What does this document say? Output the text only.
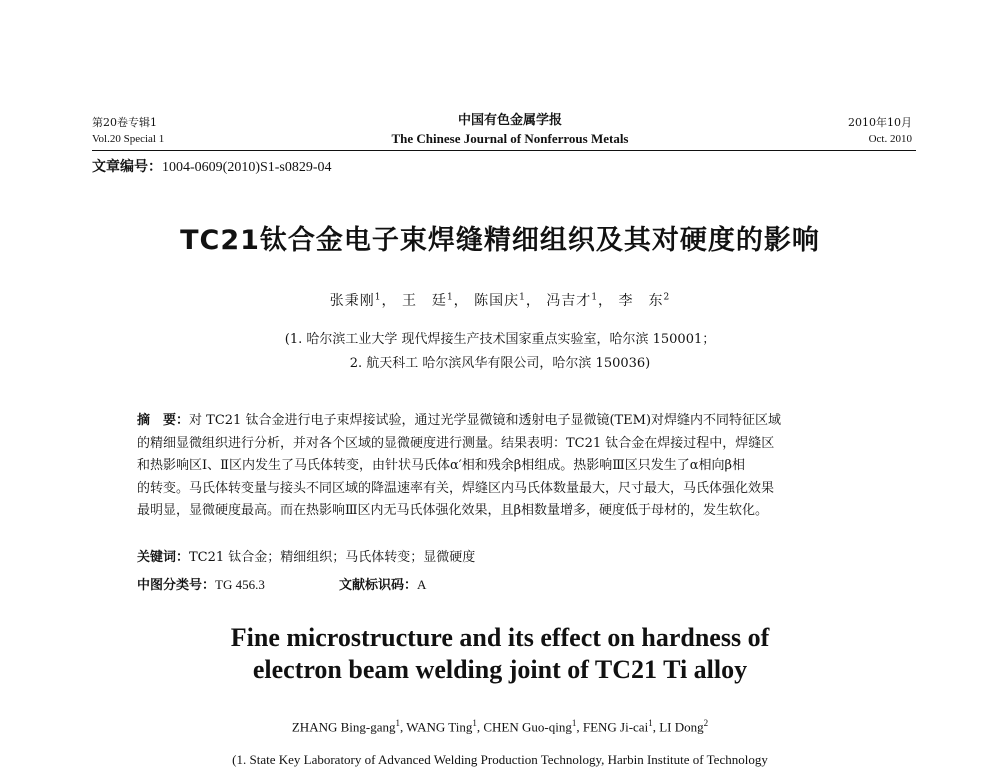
第20卷专辑1
Vol.20 Special 1
中国有色金属学报
The Chinese Journal of Nonferrous Metals
2010年10月
Oct. 2010
文章编号：1004-0609(2010)S1-s0829-04
TC21钛合金电子束焊缝精细组织及其对硬度的影响
张秉刚$^1$， 王　廷$^1$， 陈国庆$^1$， 冯吉才$^1$， 李　东$^2$
(1. 哈尔滨工业大学 现代焊接生产技术国家重点实验室，哈尔滨 150001；
2. 航天科工 哈尔滨风华有限公司，哈尔滨 150036)
摘　要：对 TC21 钛合金进行电子束焊接试验，通过光学显微镜和透射电子显微镜(TEM)对焊缝内不同特征区域
的精细显微组织进行分析，并对各个区域的显微硬度进行测量。结果表明：TC21 钛合金在焊接过程中，焊缝区
和热影响区Ⅰ、Ⅱ区内发生了马氏体转变，由针状马氏体α′相和残余β相组成。热影响Ⅲ区只发生了α相向β相
的转变。马氏体转变量与接头不同区域的降温速率有关，焊缝区内马氏体数量最大，尺寸最大，马氏体强化效果
最明显，显微硬度最高。而在热影响Ⅲ区内无马氏体强化效果，且β相数量增多，硬度低于母材的，发生软化。
关键词：TC21 钛合金；精细组织；马氏体转变；显微硬度
中图分类号：TG 456.3	文献标识码：A
Fine microstructure and its effect on hardness of
electron beam welding joint of TC21 Ti alloy
ZHANG Bing-gang$^1$, WANG Ting$^1$, CHEN Guo-qing$^1$, FENG Ji-cai$^1$, LI Dong$^2$
(1. State Key Laboratory of Advanced Welding Production Technology, Harbin Institute of Technology
